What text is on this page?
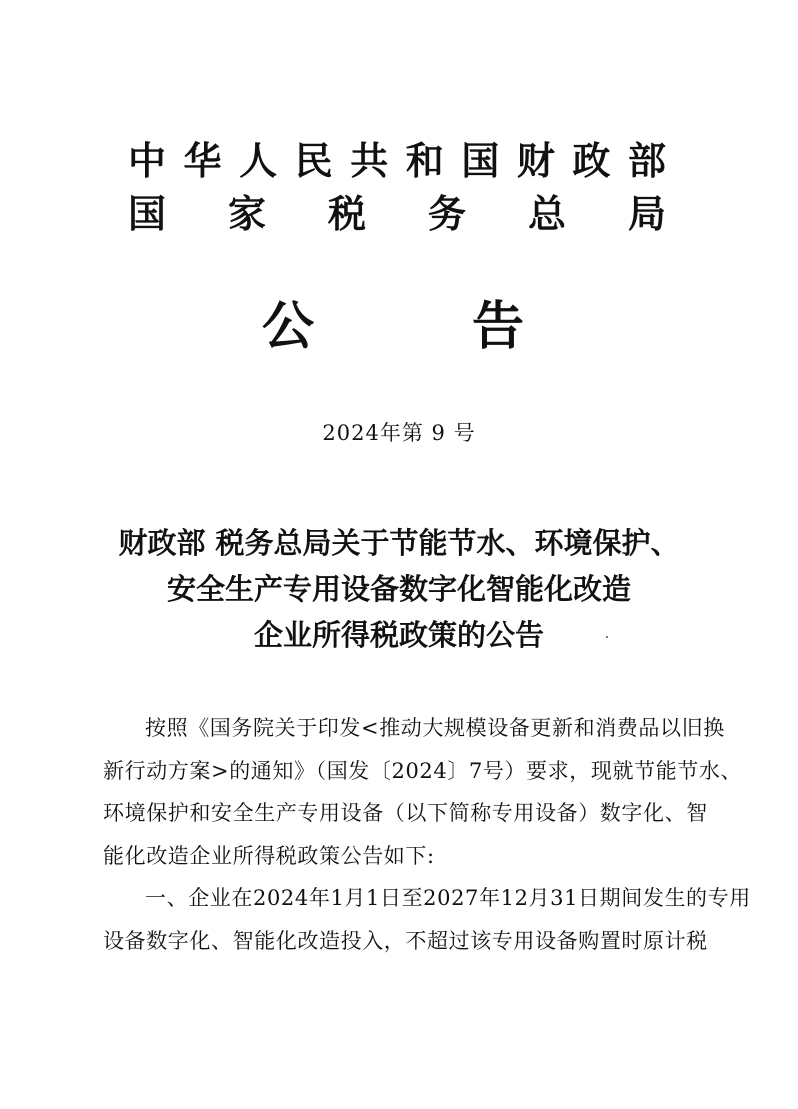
中华人民共和国财政部
国家税务总局
公告
2024年第 9 号
财政部 税务总局关于节能节水、环境保护、
安全生产专用设备数字化智能化改造
企业所得税政策的公告
按照《国务院关于印发<推动大规模设备更新和消费品以旧换
新行动方案>的通知》（国发〔2024〕7号）要求，现就节能节水、
环境保护和安全生产专用设备（以下简称专用设备）数字化、智
能化改造企业所得税政策公告如下:
一、企业在2024年1月1日至2027年12月31日期间发生的专用
设备数字化、智能化改造投入，不超过该专用设备购置时原计税
